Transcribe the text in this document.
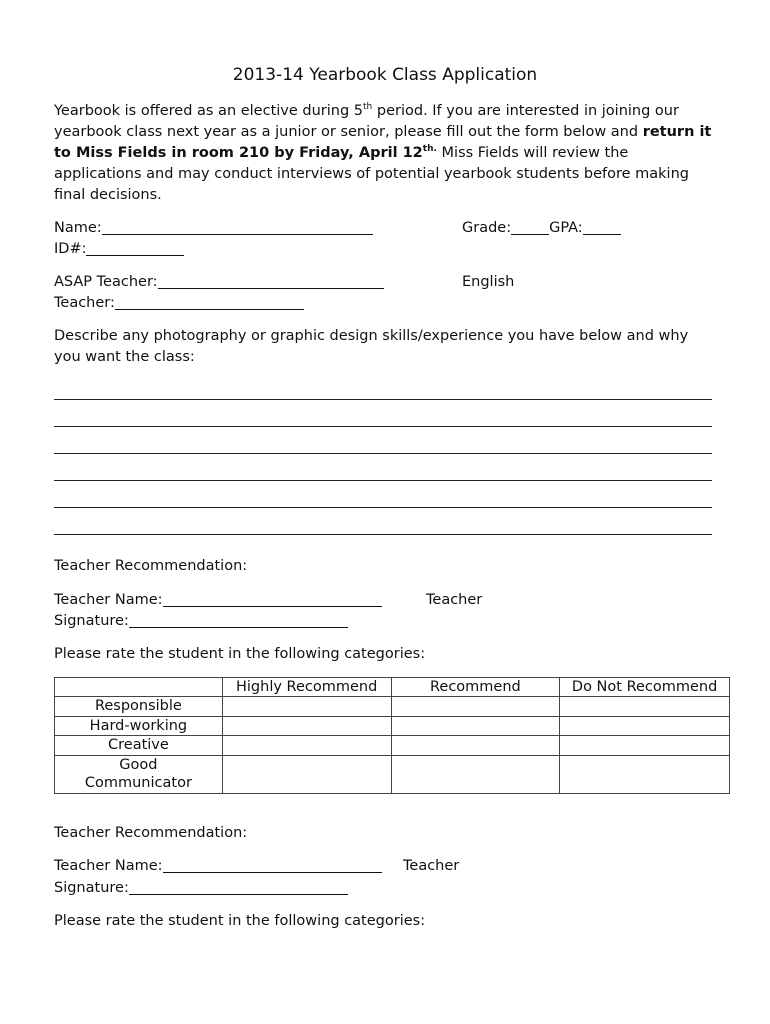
2013-14 Yearbook Class Application
Yearbook is offered as an elective during 5th period. If you are interested in joining our yearbook class next year as a junior or senior, please fill out the form below and return it to Miss Fields in room 210 by Friday, April $12^{th.}$ Miss Fields will review the applications and may conduct interviews of potential yearbook students before making final decisions.
Name:	Grade:	GPA:
ID#:
ASAP Teacher:	English
Teacher:
Describe any photography or graphic design skills/experience you have below and why you want the class:
Teacher Recommendation:
Teacher Name:	Teacher
Signature:
Please rate the student in the following categories:
	Highly Recommend	Recommend	Do Not Recommend
Responsible			
Hard-working			
Creative			

Good Communicator			

Teacher Recommendation:
Teacher Name:	Teacher
Signature:
Please rate the student in the following categories:
